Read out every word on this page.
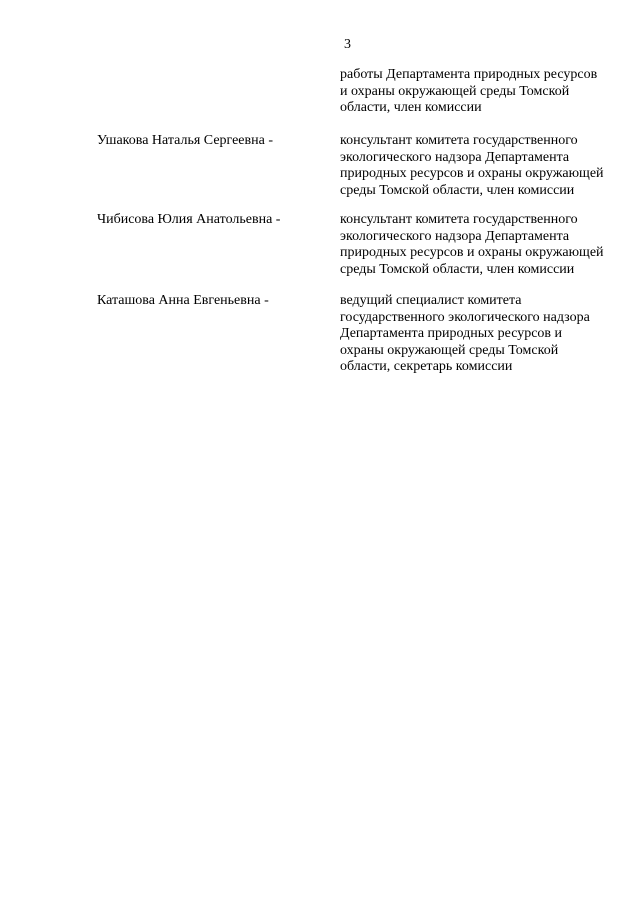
3
работы Департамента природных ресурсов
и охраны окружающей среды Томской
области, член комиссии
Ушакова Наталья Сергеевна -	консультант комитета государственного
экологического надзора Департамента
природных ресурсов и охраны окружающей
среды Томской области, член комиссии
Чибисова Юлия Анатольевна -	консультант комитета государственного
экологического надзора Департамента
природных ресурсов и охраны окружающей
среды Томской области, член комиссии
Каташова Анна Евгеньевна -	ведущий специалист комитета
государственного экологического надзора
Департамента природных ресурсов и
охраны окружающей среды Томской
области, секретарь комиссии
